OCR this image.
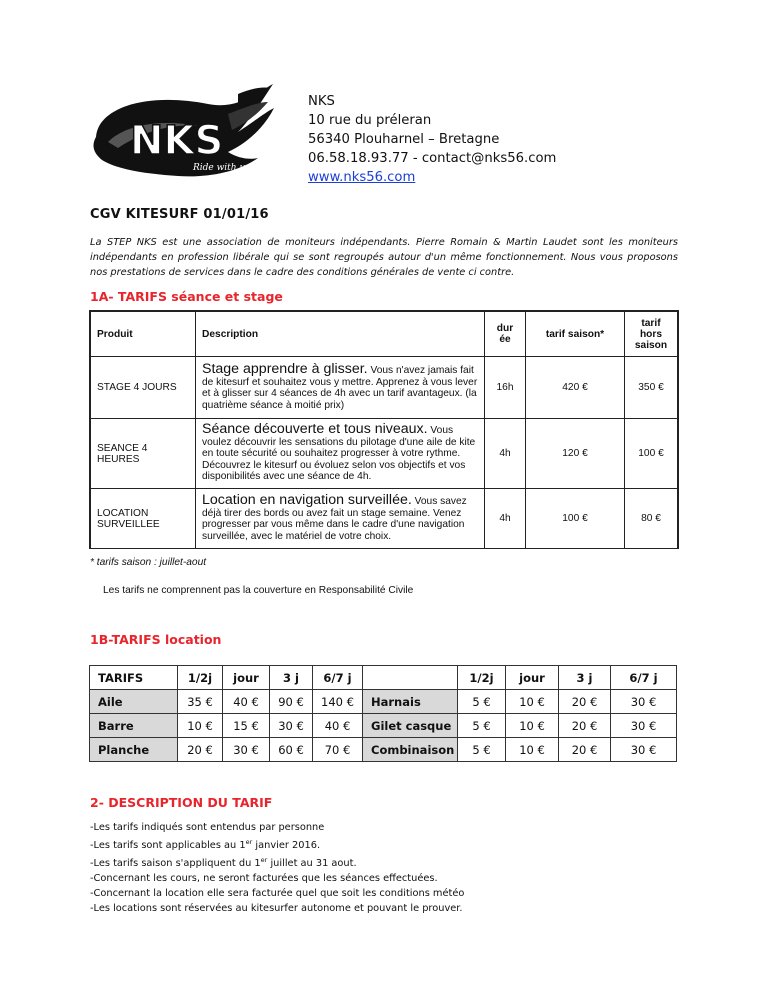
NKS
Ride with us !
NKS
10 rue du préleran
56340 Plouharnel – Bretagne
06.58.18.93.77 - contact@nks56.com
www.nks56.com
CGV KITESURF 01/01/16
La STEP NKS est une association de moniteurs indépendants. Pierre Romain & Martin Laudet sont les moniteurs indépendants en profession libérale qui se sont regroupés autour d'un même fonctionnement. Nous vous proposons nos prestations de services dans le cadre des conditions générales de vente ci contre.
1A- TARIFS séance et stage
Produit	Description	dur ée	tarif saison*	tarif hors saison
STAGE 4 JOURS	Stage apprendre à glisser. Vous n'avez jamais fait de kitesurf et souhaitez vous y mettre. Apprenez à vous lever et à glisser sur 4 séances de 4h avec un tarif avantageux. (la quatrième séance à moitié prix)	16h	420 €	350 €
SEANCE 4 HEURES	Séance découverte et tous niveaux. Vous voulez découvrir les sensations du pilotage d'une aile de kite en toute sécurité ou souhaitez progresser à votre rythme. Découvrez le kitesurf ou évoluez selon vos objectifs et vos disponibilités avec une séance de 4h.	4h	120 €	100 €
LOCATION SURVEILLEE	Location en navigation surveillée. Vous savez déjà tirer des bords ou avez fait un stage semaine. Venez progresser par vous même dans le cadre d'une navigation surveillée, avec le matériel de votre choix.	4h	100 €	80 €
* tarifs saison : juillet-aout
Les tarifs ne comprennent pas la couverture en Responsabilité Civile
1B-TARIFS location
TARIFS	1/2j	jour	3 j	6/7 j		1/2j	jour	3 j	6/7 j
Aile	35 €	40 €	90 €	140 €	Harnais	5 €	10 €	20 €	30 €
Barre	10 €	15 €	30 €	40 €	Gilet casque	5 €	10 €	20 €	30 €
Planche	20 €	30 €	60 €	70 €	Combinaison	5 €	10 €	20 €	30 €
2- DESCRIPTION DU TARIF
-Les tarifs indiqués sont entendus par personne
-Les tarifs sont applicables au 1er janvier 2016.
-Les tarifs saison s'appliquent du 1er juillet au 31 aout.
-Concernant les cours, ne seront facturées que les séances effectuées.
-Concernant la location elle sera facturée quel que soit les conditions météo
-Les locations sont réservées au kitesurfer autonome et pouvant le prouver.
